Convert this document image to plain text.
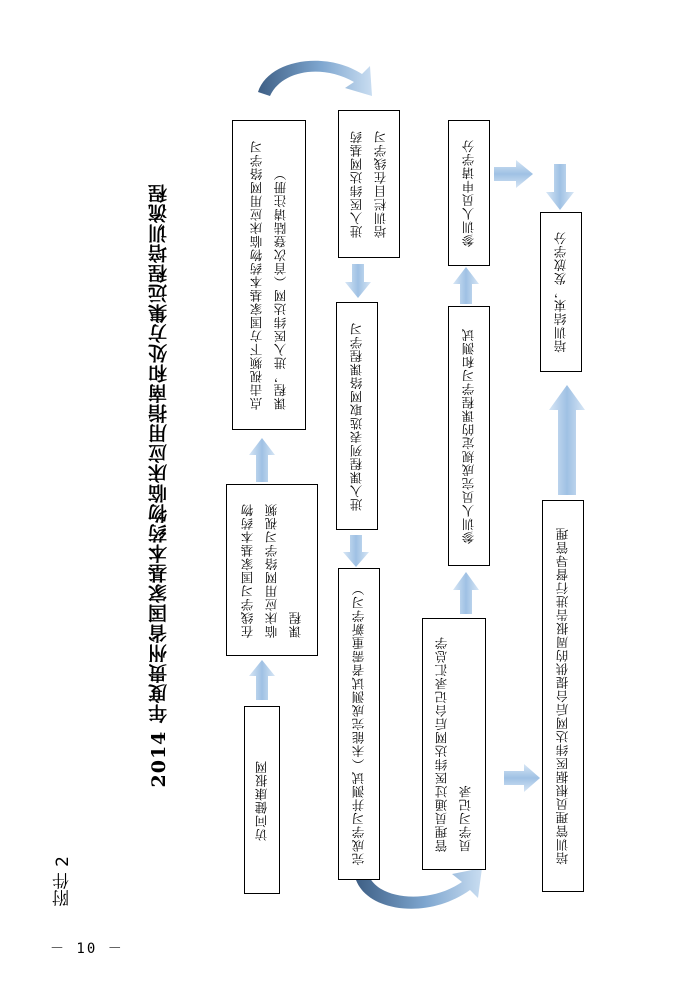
附件 2
－ 10 －
2014 年度贵州省国家基本药物临床应用指南和处方集远程培训流程
访问健康报网
在线学习国家基本药物 临床应用网络学习视频 课程
点击视频下方国家基本药物临床应用网络学习 课程，进入医纬达网（首次登陆请注册）	进入医纬达网基药 培训栏目在线学习
进入课程列表选取网络课程学习
完成学习并测试（未能完成测试者需重新学习）	管理员通过医纬达网后台记录汇总学 员学习记录
参训人员完成规定的课程学习和测试
参训人员申请学分
培训管理员根据医纬达网后台提供的周报告进行督导管理
培训结束，发放学分
